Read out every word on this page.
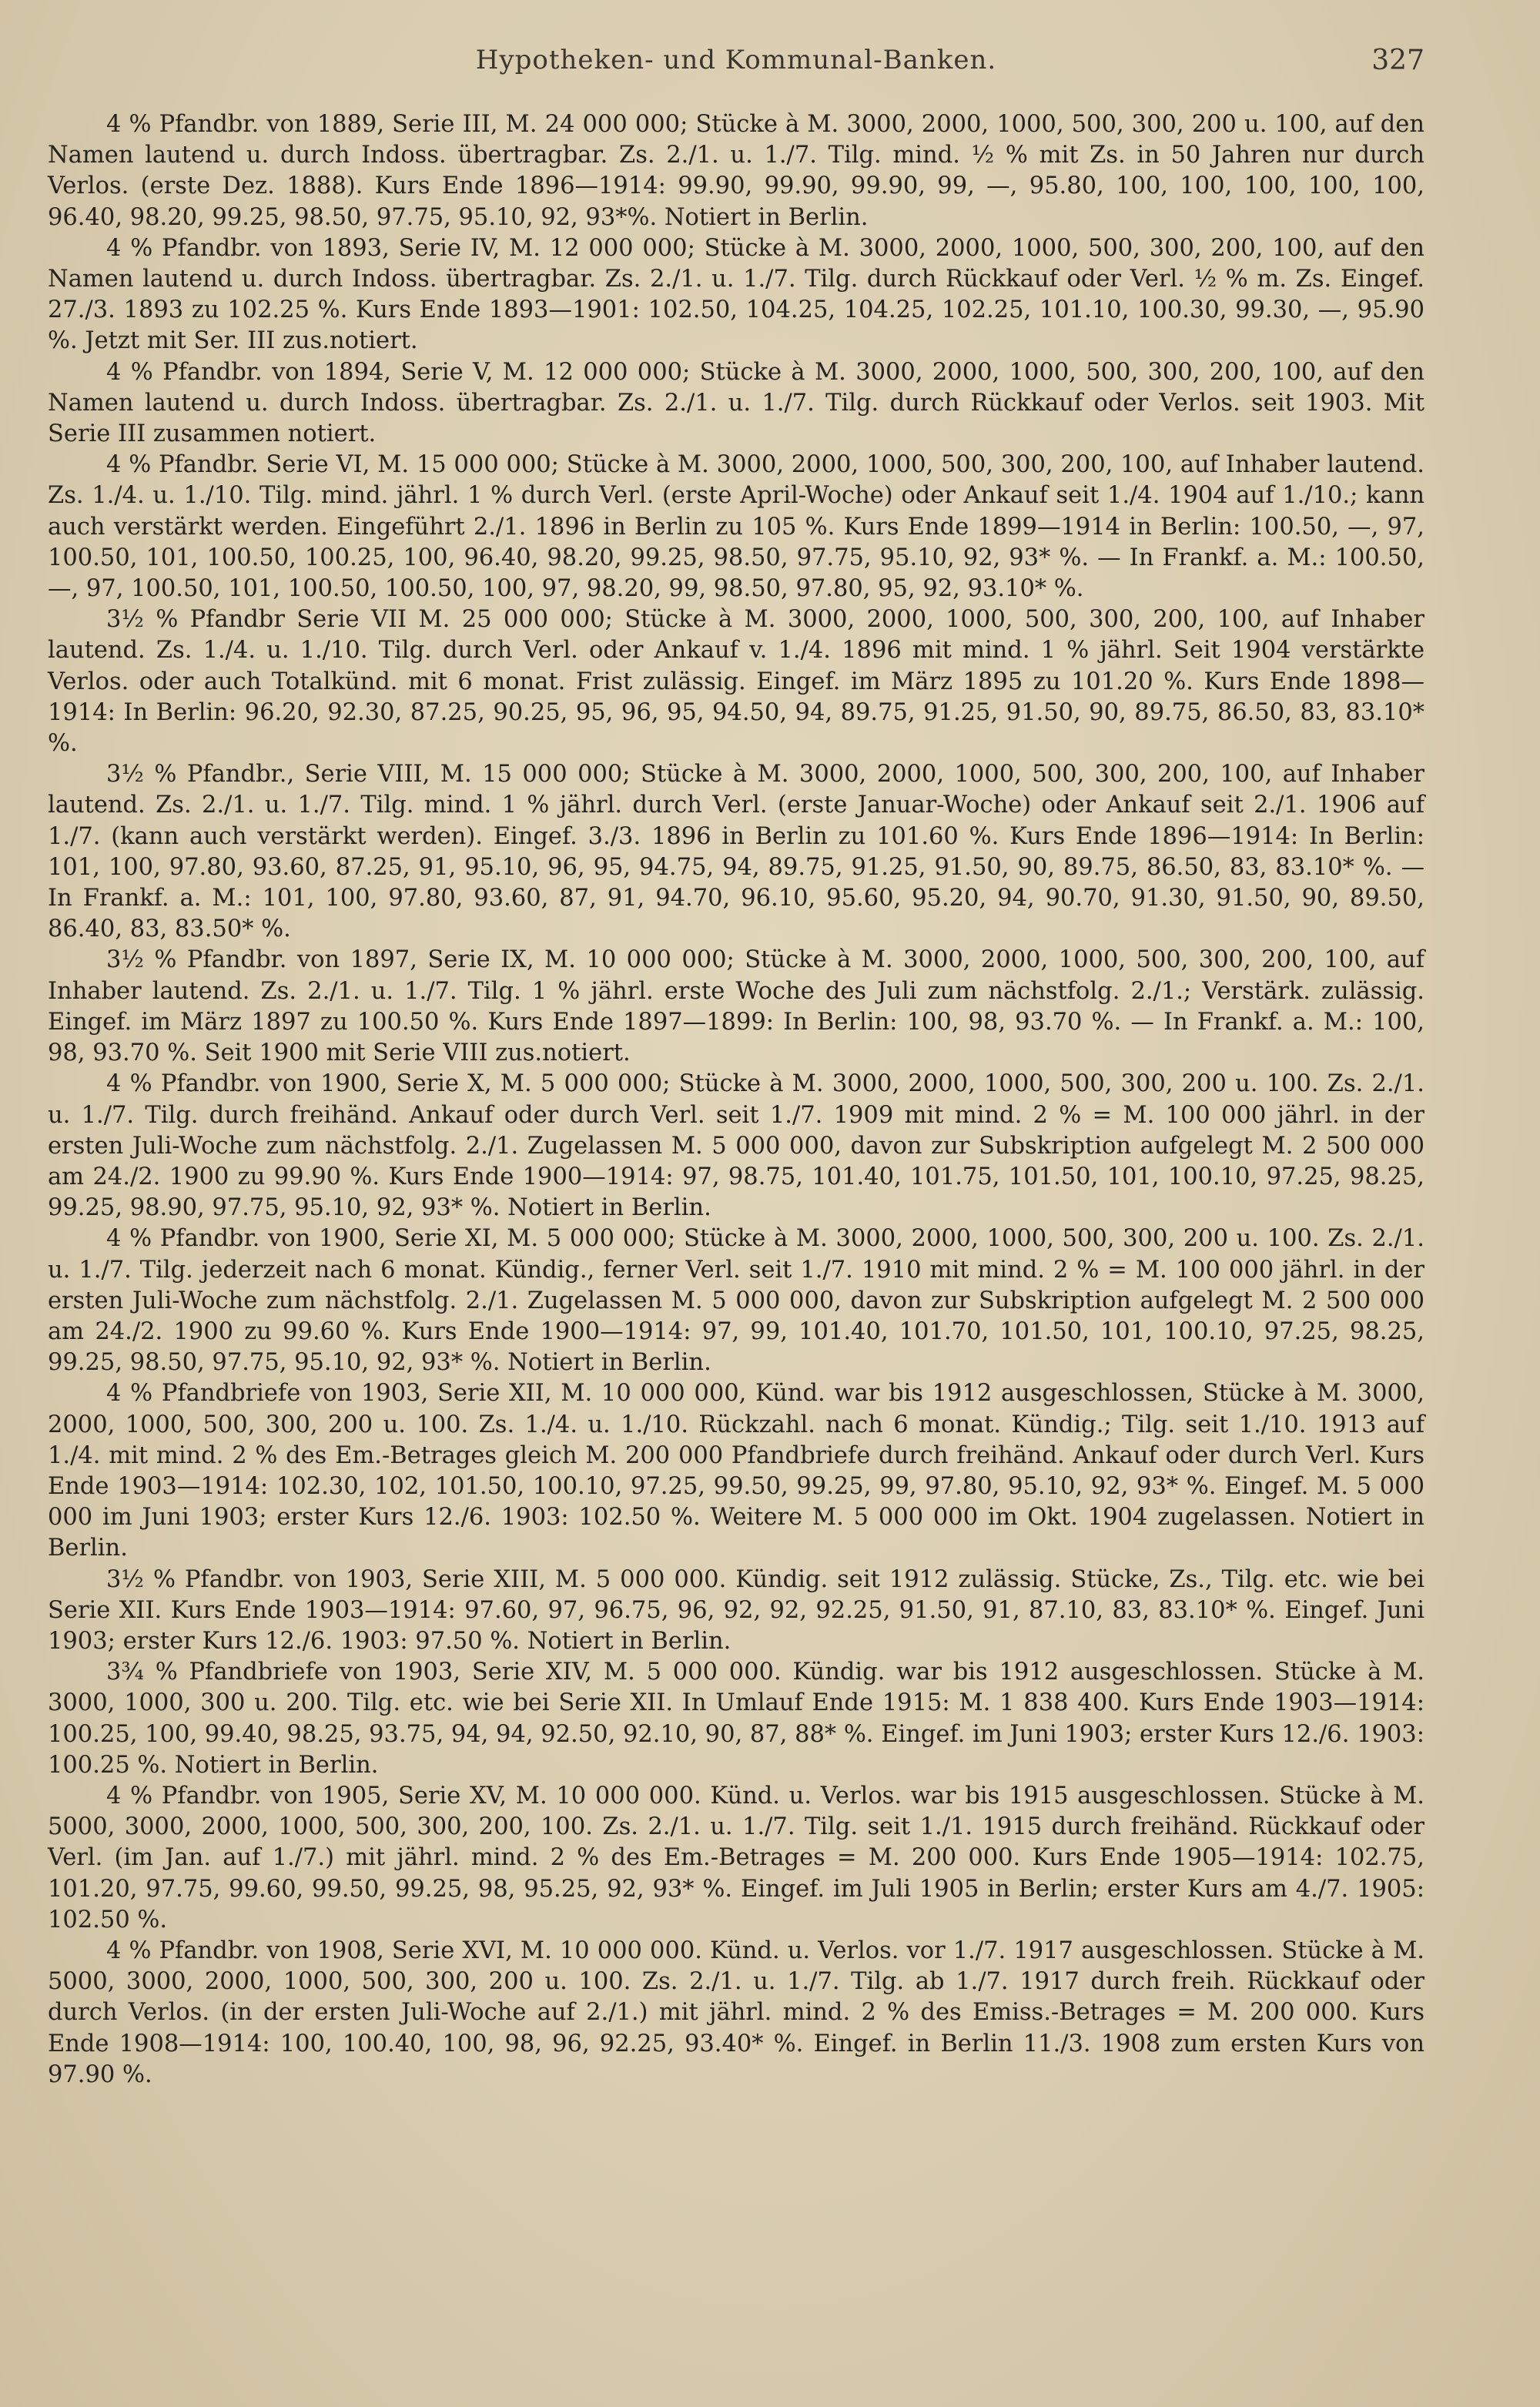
Hypotheken- und Kommunal-Banken.	327

4 % Pfandbr. von 1889, Serie III, M. 24 000 000; Stücke à M. 3000, 2000, 1000, 500, 300, 200 u. 100, auf den Namen lautend u. durch Indoss. übertragbar. Zs. 2./1. u. 1./7. Tilg. mind. ½ % mit Zs. in 50 Jahren nur durch Verlos. (erste Dez. 1888). Kurs Ende 1896—1914: 99.90, 99.90, 99.90, 99, —, 95.80, 100, 100, 100, 100, 100, 96.40, 98.20, 99.25, 98.50, 97.75, 95.10, 92, 93*%. Notiert in Berlin.

4 % Pfandbr. von 1893, Serie IV, M. 12 000 000; Stücke à M. 3000, 2000, 1000, 500, 300, 200, 100, auf den Namen lautend u. durch Indoss. übertragbar. Zs. 2./1. u. 1./7. Tilg. durch Rückkauf oder Verl. ½ % m. Zs. Eingef. 27./3. 1893 zu 102.25 %. Kurs Ende 1893—1901: 102.50, 104.25, 104.25, 102.25, 101.10, 100.30, 99.30, —, 95.90 %. Jetzt mit Ser. III zus.notiert.

4 % Pfandbr. von 1894, Serie V, M. 12 000 000; Stücke à M. 3000, 2000, 1000, 500, 300, 200, 100, auf den Namen lautend u. durch Indoss. übertragbar. Zs. 2./1. u. 1./7. Tilg. durch Rückkauf oder Verlos. seit 1903. Mit Serie III zusammen notiert.

4 % Pfandbr. Serie VI, M. 15 000 000; Stücke à M. 3000, 2000, 1000, 500, 300, 200, 100, auf Inhaber lautend. Zs. 1./4. u. 1./10. Tilg. mind. jährl. 1 % durch Verl. (erste April-Woche) oder Ankauf seit 1./4. 1904 auf 1./10.; kann auch verstärkt werden. Eingeführt 2./1. 1896 in Berlin zu 105 %. Kurs Ende 1899—1914 in Berlin: 100.50, —, 97, 100.50, 101, 100.50, 100.25, 100, 96.40, 98.20, 99.25, 98.50, 97.75, 95.10, 92, 93* %. — In Frankf. a. M.: 100.50, —, 97, 100.50, 101, 100.50, 100.50, 100, 97, 98.20, 99, 98.50, 97.80, 95, 92, 93.10* %.

3½ % Pfandbr Serie VII M. 25 000 000; Stücke à M. 3000, 2000, 1000, 500, 300, 200, 100, auf Inhaber lautend. Zs. 1./4. u. 1./10. Tilg. durch Verl. oder Ankauf v. 1./4. 1896 mit mind. 1 % jährl. Seit 1904 verstärkte Verlos. oder auch Totalkünd. mit 6 monat. Frist zulässig. Eingef. im März 1895 zu 101.20 %. Kurs Ende 1898—1914: In Berlin: 96.20, 92.30, 87.25, 90.25, 95, 96, 95, 94.50, 94, 89.75, 91.25, 91.50, 90, 89.75, 86.50, 83, 83.10* %.

3½ % Pfandbr., Serie VIII, M. 15 000 000; Stücke à M. 3000, 2000, 1000, 500, 300, 200, 100, auf Inhaber lautend. Zs. 2./1. u. 1./7. Tilg. mind. 1 % jährl. durch Verl. (erste Januar-Woche) oder Ankauf seit 2./1. 1906 auf 1./7. (kann auch verstärkt werden). Eingef. 3./3. 1896 in Berlin zu 101.60 %. Kurs Ende 1896—1914: In Berlin: 101, 100, 97.80, 93.60, 87.25, 91, 95.10, 96, 95, 94.75, 94, 89.75, 91.25, 91.50, 90, 89.75, 86.50, 83, 83.10* %. — In Frankf. a. M.: 101, 100, 97.80, 93.60, 87, 91, 94.70, 96.10, 95.60, 95.20, 94, 90.70, 91.30, 91.50, 90, 89.50, 86.40, 83, 83.50* %.

3½ % Pfandbr. von 1897, Serie IX, M. 10 000 000; Stücke à M. 3000, 2000, 1000, 500, 300, 200, 100, auf Inhaber lautend. Zs. 2./1. u. 1./7. Tilg. 1 % jährl. erste Woche des Juli zum nächstfolg. 2./1.; Verstärk. zulässig. Eingef. im März 1897 zu 100.50 %. Kurs Ende 1897—1899: In Berlin: 100, 98, 93.70 %. — In Frankf. a. M.: 100, 98, 93.70 %. Seit 1900 mit Serie VIII zus.notiert.

4 % Pfandbr. von 1900, Serie X, M. 5 000 000; Stücke à M. 3000, 2000, 1000, 500, 300, 200 u. 100. Zs. 2./1. u. 1./7. Tilg. durch freihänd. Ankauf oder durch Verl. seit 1./7. 1909 mit mind. 2 % = M. 100 000 jährl. in der ersten Juli-Woche zum nächstfolg. 2./1. Zugelassen M. 5 000 000, davon zur Subskription aufgelegt M. 2 500 000 am 24./2. 1900 zu 99.90 %. Kurs Ende 1900—1914: 97, 98.75, 101.40, 101.75, 101.50, 101, 100.10, 97.25, 98.25, 99.25, 98.90, 97.75, 95.10, 92, 93* %. Notiert in Berlin.

4 % Pfandbr. von 1900, Serie XI, M. 5 000 000; Stücke à M. 3000, 2000, 1000, 500, 300, 200 u. 100. Zs. 2./1. u. 1./7. Tilg. jederzeit nach 6 monat. Kündig., ferner Verl. seit 1./7. 1910 mit mind. 2 % = M. 100 000 jährl. in der ersten Juli-Woche zum nächstfolg. 2./1. Zugelassen M. 5 000 000, davon zur Subskription aufgelegt M. 2 500 000 am 24./2. 1900 zu 99.60 %. Kurs Ende 1900—1914: 97, 99, 101.40, 101.70, 101.50, 101, 100.10, 97.25, 98.25, 99.25, 98.50, 97.75, 95.10, 92, 93* %. Notiert in Berlin.

4 % Pfandbriefe von 1903, Serie XII, M. 10 000 000, Künd. war bis 1912 ausgeschlossen, Stücke à M. 3000, 2000, 1000, 500, 300, 200 u. 100. Zs. 1./4. u. 1./10. Rückzahl. nach 6 monat. Kündig.; Tilg. seit 1./10. 1913 auf 1./4. mit mind. 2 % des Em.-Betrages gleich M. 200 000 Pfandbriefe durch freihänd. Ankauf oder durch Verl. Kurs Ende 1903—1914: 102.30, 102, 101.50, 100.10, 97.25, 99.50, 99.25, 99, 97.80, 95.10, 92, 93* %. Eingef. M. 5 000 000 im Juni 1903; erster Kurs 12./6. 1903: 102.50 %. Weitere M. 5 000 000 im Okt. 1904 zugelassen. Notiert in Berlin.

3½ % Pfandbr. von 1903, Serie XIII, M. 5 000 000. Kündig. seit 1912 zulässig. Stücke, Zs., Tilg. etc. wie bei Serie XII. Kurs Ende 1903—1914: 97.60, 97, 96.75, 96, 92, 92, 92.25, 91.50, 91, 87.10, 83, 83.10* %. Eingef. Juni 1903; erster Kurs 12./6. 1903: 97.50 %. Notiert in Berlin.

3¾ % Pfandbriefe von 1903, Serie XIV, M. 5 000 000. Kündig. war bis 1912 ausgeschlossen. Stücke à M. 3000, 1000, 300 u. 200. Tilg. etc. wie bei Serie XII. In Umlauf Ende 1915: M. 1 838 400. Kurs Ende 1903—1914: 100.25, 100, 99.40, 98.25, 93.75, 94, 94, 92.50, 92.10, 90, 87, 88* %. Eingef. im Juni 1903; erster Kurs 12./6. 1903: 100.25 %. Notiert in Berlin.

4 % Pfandbr. von 1905, Serie XV, M. 10 000 000. Künd. u. Verlos. war bis 1915 ausgeschlossen. Stücke à M. 5000, 3000, 2000, 1000, 500, 300, 200, 100. Zs. 2./1. u. 1./7. Tilg. seit 1./1. 1915 durch freihänd. Rückkauf oder Verl. (im Jan. auf 1./7.) mit jährl. mind. 2 % des Em.-Betrages = M. 200 000. Kurs Ende 1905—1914: 102.75, 101.20, 97.75, 99.60, 99.50, 99.25, 98, 95.25, 92, 93* %. Eingef. im Juli 1905 in Berlin; erster Kurs am 4./7. 1905: 102.50 %.

4 % Pfandbr. von 1908, Serie XVI, M. 10 000 000. Künd. u. Verlos. vor 1./7. 1917 ausgeschlossen. Stücke à M. 5000, 3000, 2000, 1000, 500, 300, 200 u. 100. Zs. 2./1. u. 1./7. Tilg. ab 1./7. 1917 durch freih. Rückkauf oder durch Verlos. (in der ersten Juli-Woche auf 2./1.) mit jährl. mind. 2 % des Emiss.-Betrages = M. 200 000. Kurs Ende 1908—1914: 100, 100.40, 100, 98, 96, 92.25, 93.40* %. Eingef. in Berlin 11./3. 1908 zum ersten Kurs von 97.90 %.
